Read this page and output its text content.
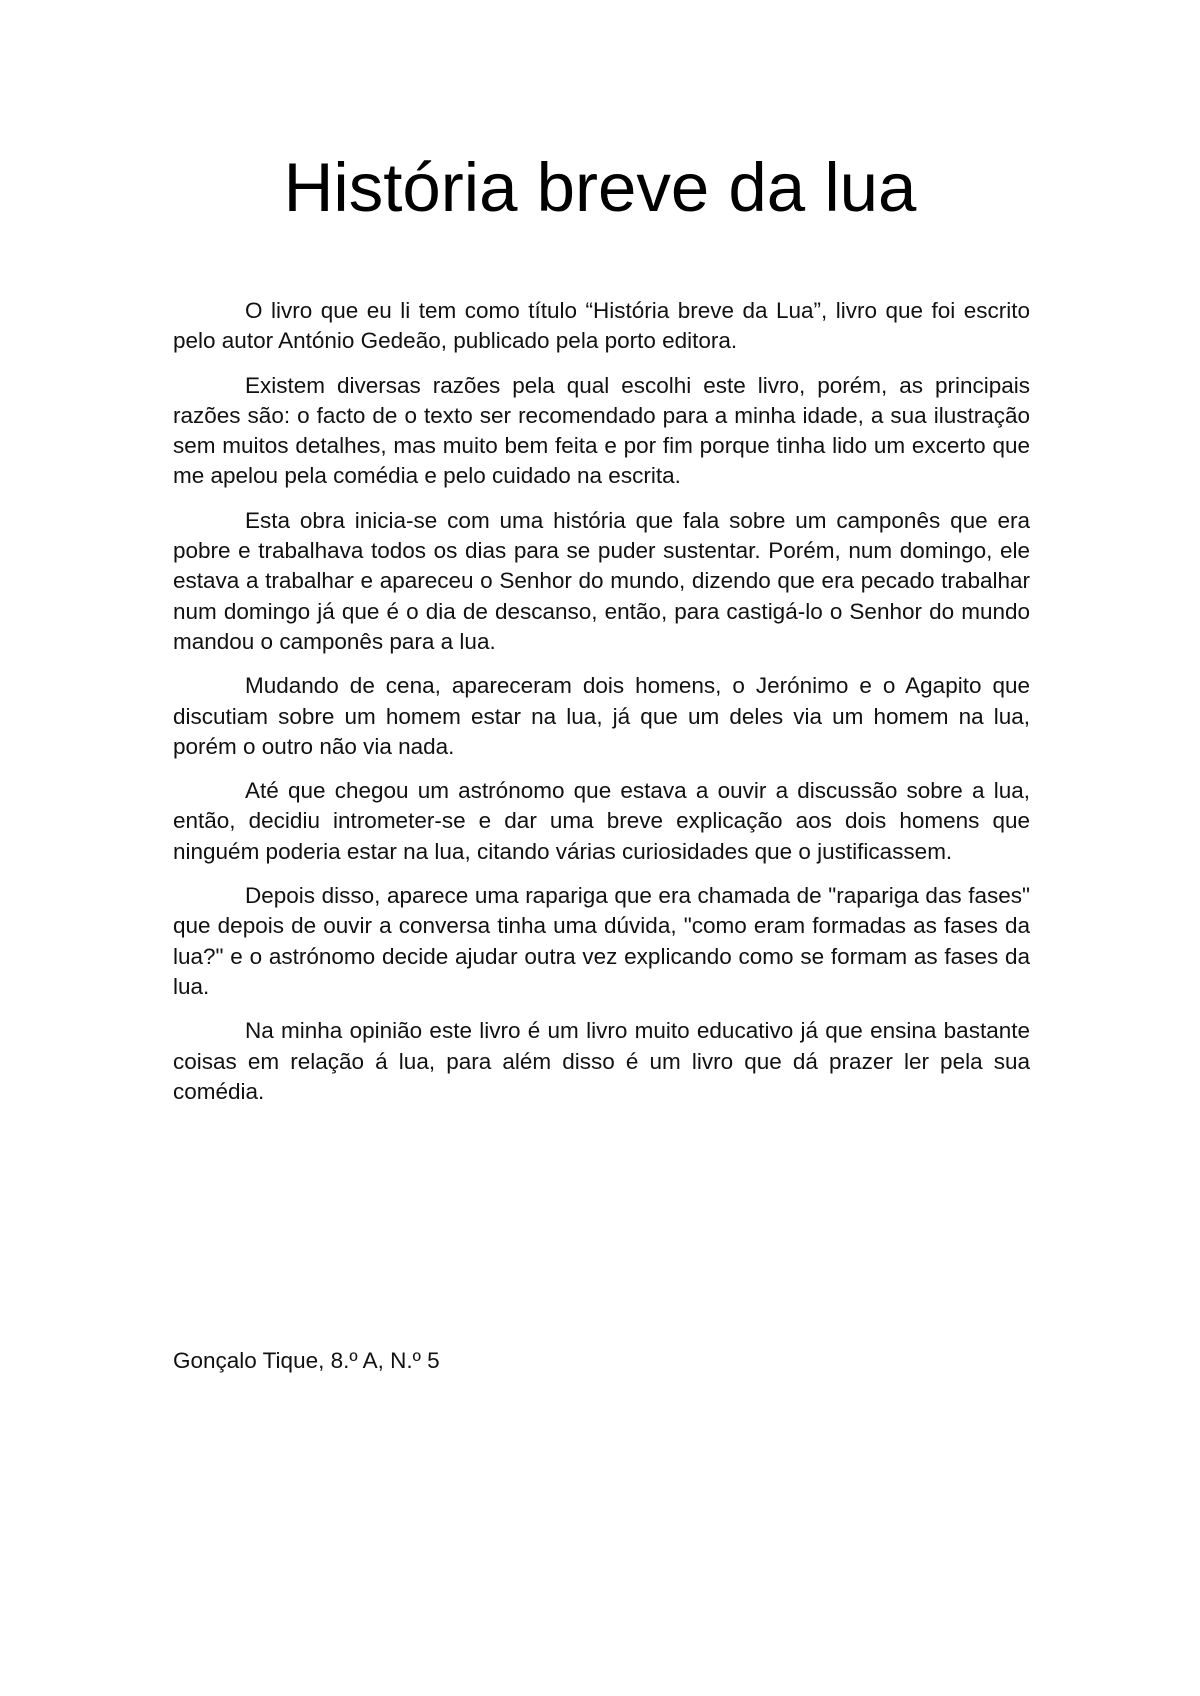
História breve da lua

O livro que eu li tem como título “História breve da Lua”, livro que foi escrito pelo autor António Gedeão, publicado pela porto editora.

Existem diversas razões pela qual escolhi este livro, porém, as principais razões são: o facto de o texto ser recomendado para a minha idade, a sua ilustração sem muitos detalhes, mas muito bem feita e por fim porque tinha lido um excerto que me apelou pela comédia e pelo cuidado na escrita.

Esta obra inicia-se com uma história que fala sobre um camponês que era pobre e trabalhava todos os dias para se puder sustentar. Porém, num domingo, ele estava a trabalhar e apareceu o Senhor do mundo, dizendo que era pecado trabalhar num domingo já que é o dia de descanso, então, para castigá-lo o Senhor do mundo mandou o camponês para a lua.

Mudando de cena, apareceram dois homens, o Jerónimo e o Agapito que discutiam sobre um homem estar na lua, já que um deles via um homem na lua, porém o outro não via nada.

Até que chegou um astrónomo que estava a ouvir a discussão sobre a lua, então, decidiu intrometer-se e dar uma breve explicação aos dois homens que ninguém poderia estar na lua, citando várias curiosidades que o justificassem.

Depois disso, aparece uma rapariga que era chamada de "rapariga das fases" que depois de ouvir a conversa tinha uma dúvida, "como eram formadas as fases da lua?" e o astrónomo decide ajudar outra vez explicando como se formam as fases da lua.

Na minha opinião este livro é um livro muito educativo já que ensina bastante coisas em relação á lua, para além disso é um livro que dá prazer ler pela sua comédia.

Gonçalo Tique, 8.º A, N.º 5
